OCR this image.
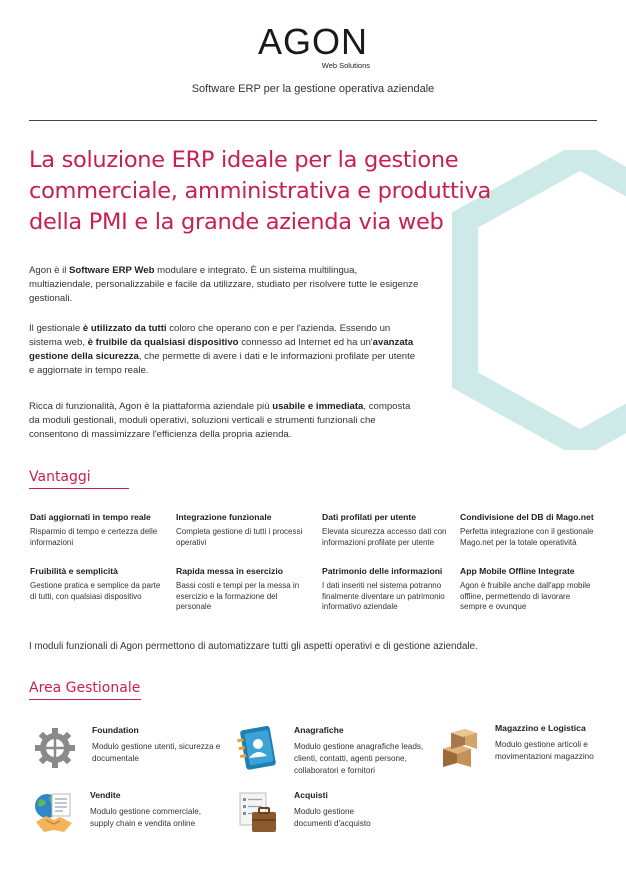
AGON
Web Solutions
Software ERP per la gestione operativa aziendale
La soluzione ERP ideale per la gestione commerciale, amministrativa e produttiva della PMI e la grande azienda via web

Agon è il Software ERP Web modulare e integrato. È un sistema multilingua, multiaziendale, personalizzabile e facile da utilizzare, studiato per risolvere tutte le esigenze gestionali.

Il gestionale è utilizzato da tutti coloro che operano con e per l'azienda. Essendo un sistema web, è fruibile da qualsiasi dispositivo connesso ad Internet ed ha un'avanzata gestione della sicurezza, che permette di avere i dati e le informazioni profilate per utente e aggiornate in tempo reale.

Ricca di funzionalità, Agon è la piattaforma aziendale più usabile e immediata, composta da moduli gestionali, moduli operativi, soluzioni verticali e strumenti funzionali che consentono di massimizzare l'efficienza della propria azienda.

Vantaggi

Dati aggiornati in tempo reale

Risparmio di tempo e certezza delle informazioni

Integrazione funzionale

Completa gestione di tutti i processi operativi

Dati profilati per utente

Elevata sicurezza accesso dati con informazioni profilate per utente

Condivisione del DB di Mago.net

Perfetta integrazione con il gestionale Mago.net per la totale operatività

Fruibilità e semplicità

Gestione pratica e semplice da parte di tutti, con qualsiasi dispositivo

Rapida messa in esercizio

Bassi costi e tempi per la messa in esercizio e la formazione del personale

Patrimonio delle informazioni

I dati inseriti nel sistema potranno finalmente diventare un patrimonio informativo aziendale

App Mobile Offline Integrate

Agon è fruibile anche dall'app mobile offline, permettendo di lavorare sempre e ovunque

I moduli funzionali di Agon permettono di automatizzare tutti gli aspetti operativi e di gestione aziendale.
Area Gestionale
Foundation
Modulo gestione utenti, sicurezza e documentale
Anagrafiche
Modulo gestione anagrafiche leads, clienti, contatti, agenti persone, collaboratori e fornitori
Magazzino e Logistica
Modulo gestione articoli e movimentazioni magazzino
Vendite
Modulo gestione commerciale, supply chain e vendita online
Acquisti
Modulo gestione documenti d'acquisto
